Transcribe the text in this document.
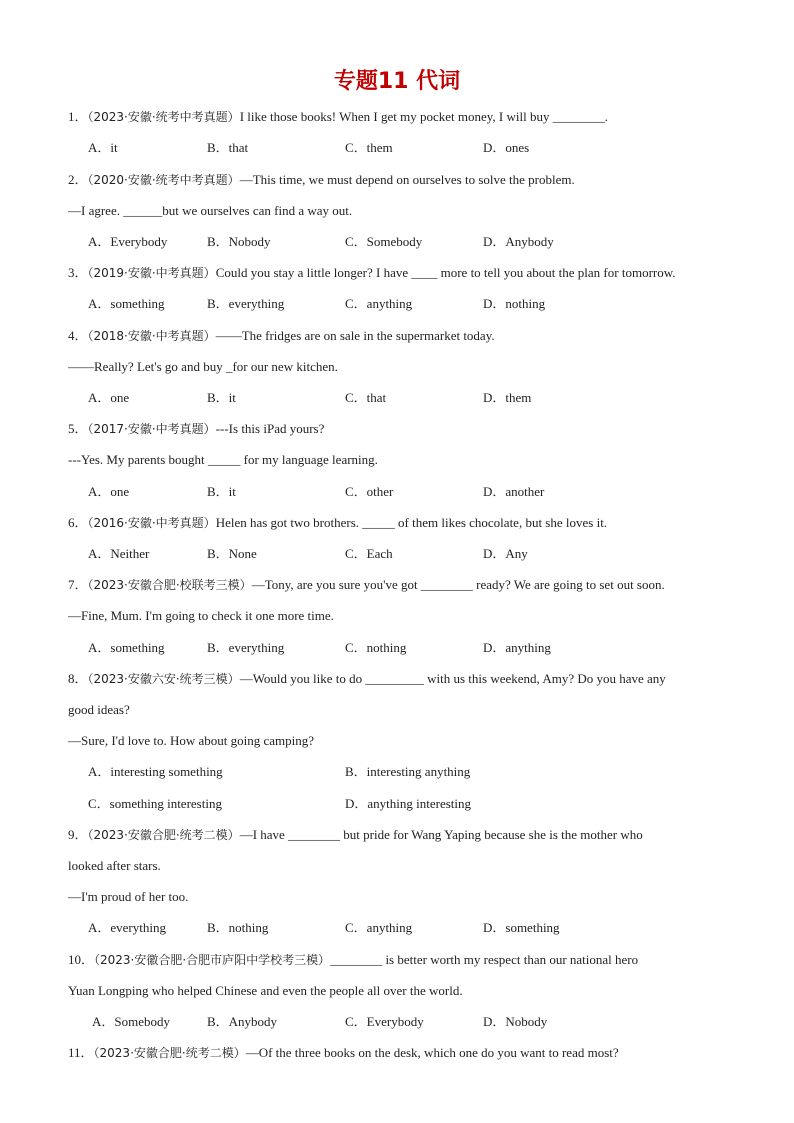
专题11 代词
1．（2023·安徽·统考中考真题）I like those books! When I get my pocket money, I will buy ________.
A．it	B．that	C．them	D．ones
2．（2020·安徽·统考中考真题）—This time, we must depend on ourselves to solve the problem.
—I agree. ______but we ourselves can find a way out.
A．Everybody	B．Nobody	C．Somebody	D．Anybody
3．（2019·安徽·中考真题）Could you stay a little longer? I have ____ more to tell you about the plan for tomorrow.
A．something	B．everything	C．anything	D．nothing
4．（2018·安徽·中考真题）——The fridges are on sale in the supermarket today.
——Really? Let's go and buy _for our new kitchen.
A．one	B．it	C．that	D．them
5．（2017·安徽·中考真题）---Is this iPad yours?
---Yes. My parents bought _____ for my language learning.
A．one	B．it	C．other	D．another
6．（2016·安徽·中考真题）Helen has got two brothers. _____ of them likes chocolate, but she loves it.
A．Neither	B．None	C．Each	D．Any
7．（2023·安徽合肥·校联考三模）—Tony, are you sure you've got ________ ready? We are going to set out soon.
—Fine, Mum. I'm going to check it one more time.
A．something	B．everything	C．nothing	D．anything
8．（2023·安徽六安·统考三模）—Would you like to do _________ with us this weekend, Amy? Do you have any
good ideas?
—Sure, I'd love to. How about going camping?
A．interesting something	B．interesting anything
C．something interesting	D．anything interesting
9．（2023·安徽合肥·统考二模）—I have ________ but pride for Wang Yaping because she is the mother who
looked after stars.
—I'm proud of her too.
A．everything	B．nothing	C．anything	D．something
10．（2023·安徽合肥·合肥市庐阳中学校考三模）________ is better worth my respect than our national hero
Yuan Longping who helped Chinese and even the people all over the world.
A．Somebody	B．Anybody	C．Everybody	D．Nobody
11．（2023·安徽合肥·统考二模）—Of the three books on the desk, which one do you want to read most?
